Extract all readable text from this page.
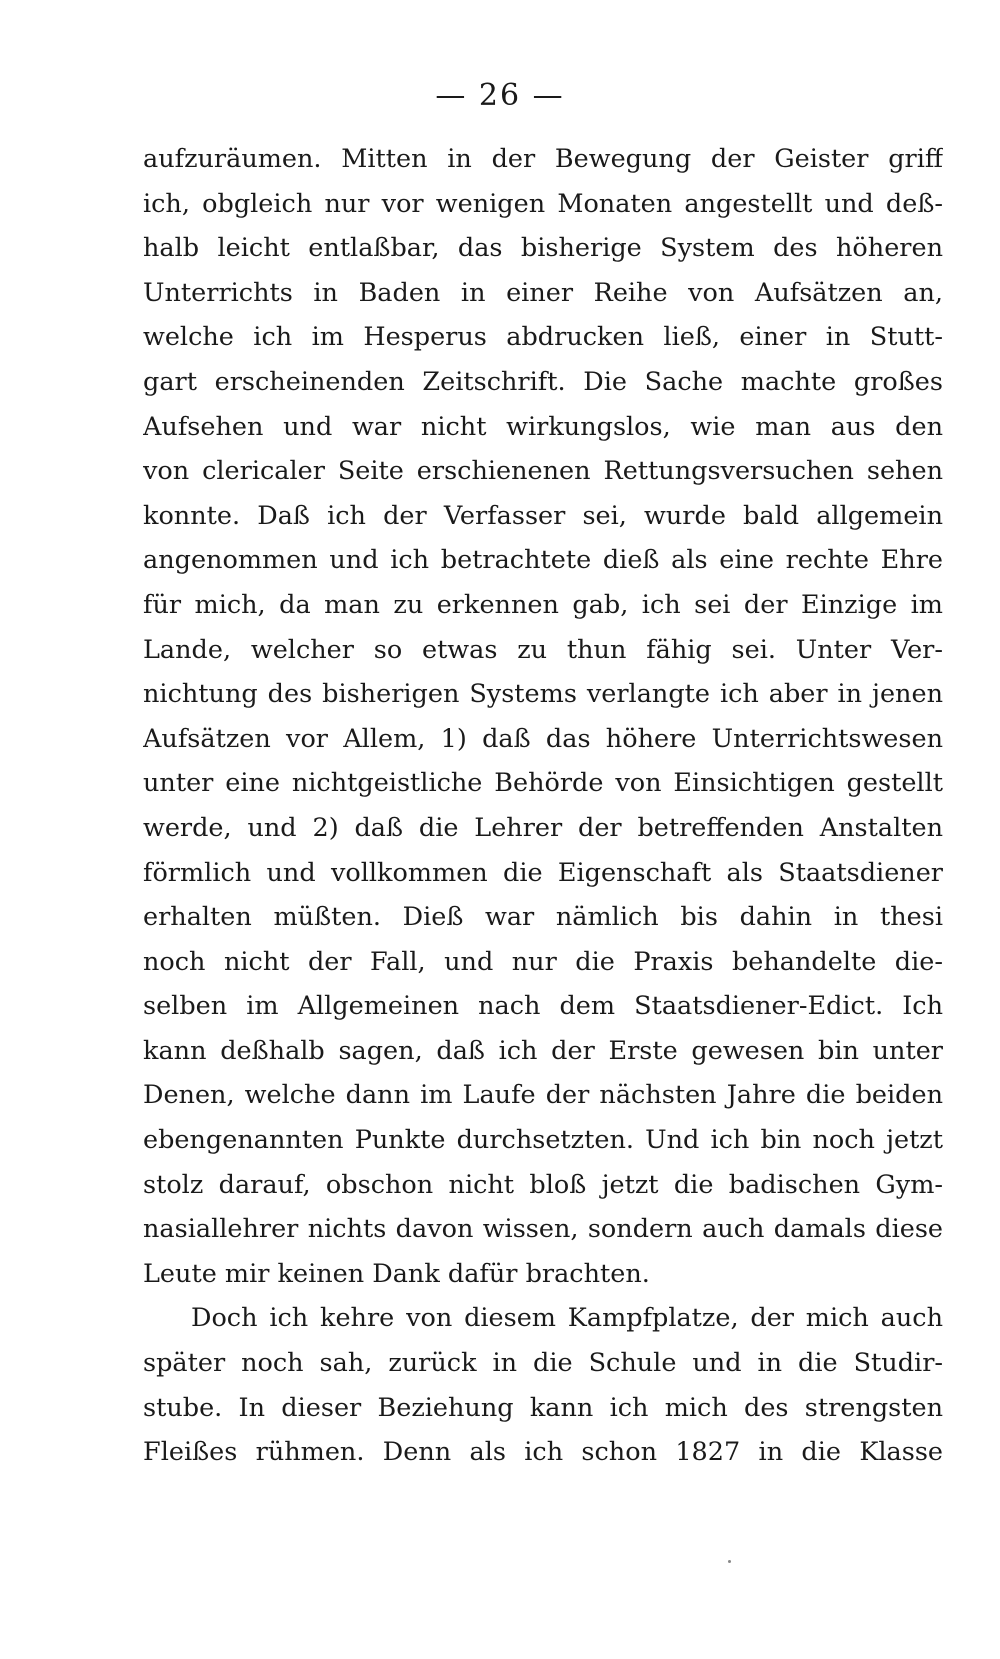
— 26 —
aufzuräumen. Mitten in der Bewegung der Geister griff
ich, obgleich nur vor wenigen Monaten angestellt und deß-
halb leicht entlaßbar, das bisherige System des höheren
Unterrichts in Baden in einer Reihe von Aufsätzen an,
welche ich im Hesperus abdrucken ließ, einer in Stutt-
gart erscheinenden Zeitschrift. Die Sache machte großes
Aufsehen und war nicht wirkungslos, wie man aus den
von clericaler Seite erschienenen Rettungsversuchen sehen
konnte. Daß ich der Verfasser sei, wurde bald allgemein
angenommen und ich betrachtete dieß als eine rechte Ehre
für mich, da man zu erkennen gab, ich sei der Einzige im
Lande, welcher so etwas zu thun fähig sei. Unter Ver-
nichtung des bisherigen Systems verlangte ich aber in jenen
Aufsätzen vor Allem, 1) daß das höhere Unterrichtswesen
unter eine nichtgeistliche Behörde von Einsichtigen gestellt
werde, und 2) daß die Lehrer der betreffenden Anstalten
förmlich und vollkommen die Eigenschaft als Staatsdiener
erhalten müßten. Dieß war nämlich bis dahin in thesi
noch nicht der Fall, und nur die Praxis behandelte die-
selben im Allgemeinen nach dem Staatsdiener-Edict. Ich
kann deßhalb sagen, daß ich der Erste gewesen bin unter
Denen, welche dann im Laufe der nächsten Jahre die beiden
ebengenannten Punkte durchsetzten. Und ich bin noch jetzt
stolz darauf, obschon nicht bloß jetzt die badischen Gym-
nasiallehrer nichts davon wissen, sondern auch damals diese
Leute mir keinen Dank dafür brachten.
Doch ich kehre von diesem Kampfplatze, der mich auch
später noch sah, zurück in die Schule und in die Studir-
stube. In dieser Beziehung kann ich mich des strengsten
Fleißes rühmen. Denn als ich schon 1827 in die Klasse
